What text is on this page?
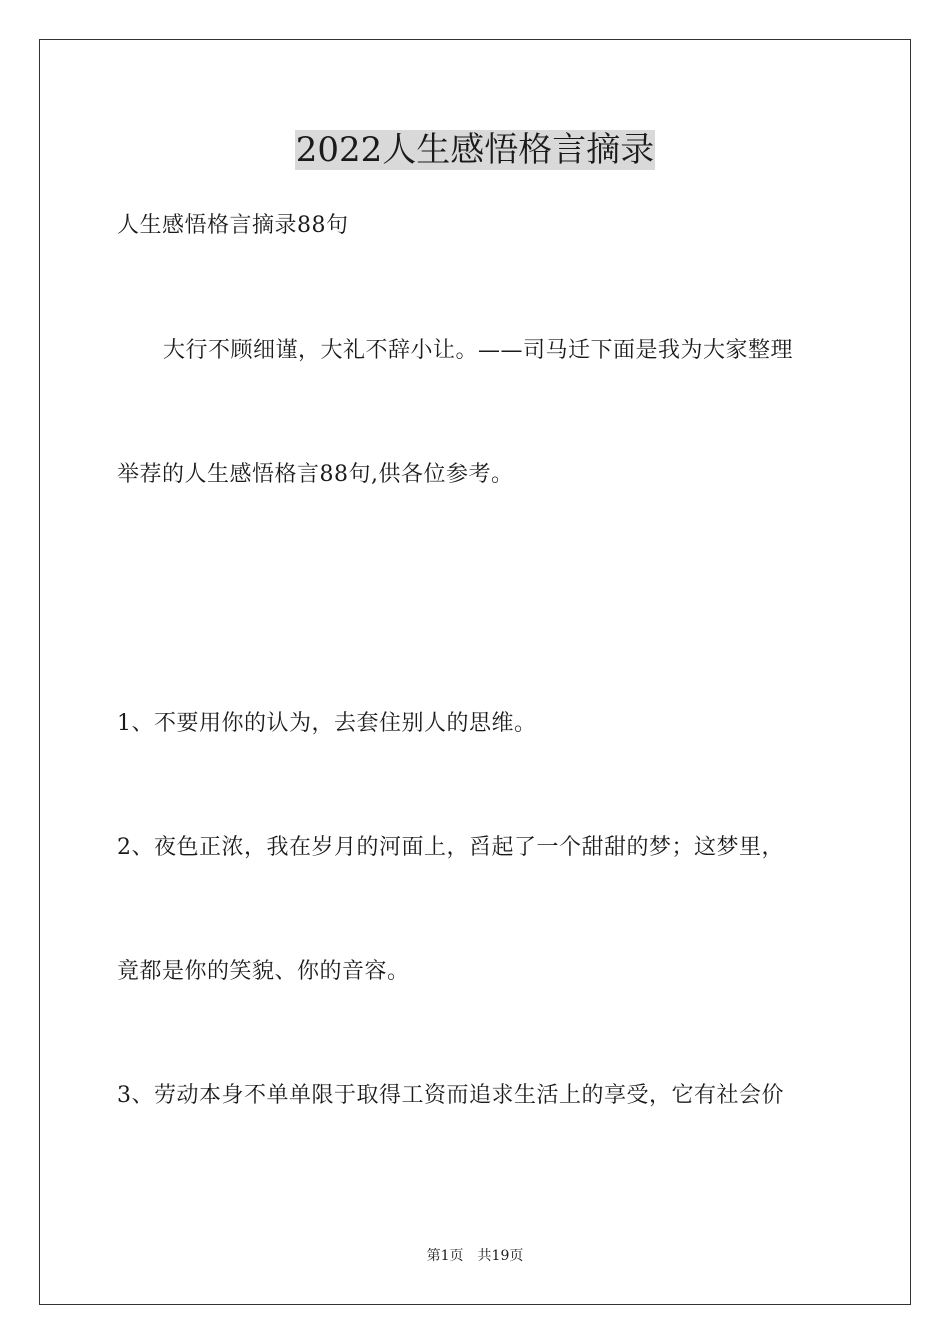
2022人生感悟格言摘录
人生感悟格言摘录88句
大行不顾细谨，大礼不辞小让。——司马迁下面是我为大家整理
举荐的人生感悟格言88句,供各位参考。
1、不要用你的认为，去套住别人的思维。
2、夜色正浓，我在岁月的河面上，舀起了一个甜甜的梦；这梦里，
竟都是你的笑貌、你的音容。
3、劳动本身不单单限于取得工资而追求生活上的享受，它有社会价
第1页　共19页
